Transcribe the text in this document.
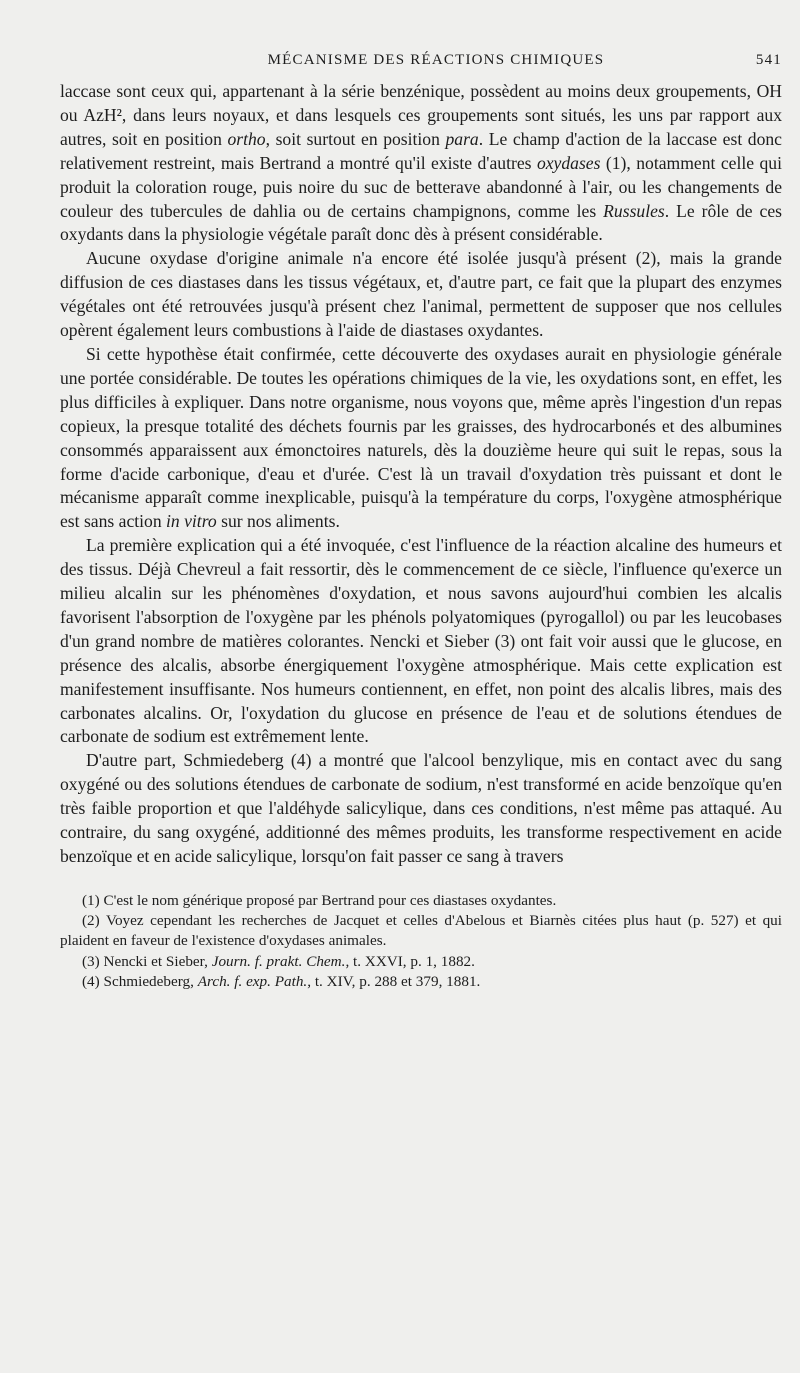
MÉCANISME DES RÉACTIONS CHIMIQUES	541

laccase sont ceux qui, appartenant à la série benzénique, possèdent au moins deux groupements, OH ou AzH², dans leurs noyaux, et dans lesquels ces groupements sont situés, les uns par rapport aux autres, soit en position ortho, soit surtout en position para. Le champ d'action de la laccase est donc relativement restreint, mais Bertrand a montré qu'il existe d'autres oxydases (1), notamment celle qui produit la coloration rouge, puis noire du suc de betterave abandonné à l'air, ou les changements de couleur des tubercules de dahlia ou de certains champignons, comme les Russules. Le rôle de ces oxydants dans la physiologie végétale paraît donc dès à présent considérable.

Aucune oxydase d'origine animale n'a encore été isolée jusqu'à présent (2), mais la grande diffusion de ces diastases dans les tissus végétaux, et, d'autre part, ce fait que la plupart des enzymes végétales ont été retrouvées jusqu'à présent chez l'animal, permettent de supposer que nos cellules opèrent également leurs combustions à l'aide de diastases oxydantes.

Si cette hypothèse était confirmée, cette découverte des oxydases aurait en physiologie générale une portée considérable. De toutes les opérations chimiques de la vie, les oxydations sont, en effet, les plus difficiles à expliquer. Dans notre organisme, nous voyons que, même après l'ingestion d'un repas copieux, la presque totalité des déchets fournis par les graisses, des hydrocarbonés et des albumines consommés apparaissent aux émonctoires naturels, dès la douzième heure qui suit le repas, sous la forme d'acide carbonique, d'eau et d'urée. C'est là un travail d'oxydation très puissant et dont le mécanisme apparaît comme inexplicable, puisqu'à la température du corps, l'oxygène atmosphérique est sans action in vitro sur nos aliments.

La première explication qui a été invoquée, c'est l'influence de la réaction alcaline des humeurs et des tissus. Déjà Chevreul a fait ressortir, dès le commencement de ce siècle, l'influence qu'exerce un milieu alcalin sur les phénomènes d'oxydation, et nous savons aujourd'hui combien les alcalis favorisent l'absorption de l'oxygène par les phénols polyatomiques (pyrogallol) ou par les leucobases d'un grand nombre de matières colorantes. Nencki et Sieber (3) ont fait voir aussi que le glucose, en présence des alcalis, absorbe énergiquement l'oxygène atmosphérique. Mais cette explication est manifestement insuffisante. Nos humeurs contiennent, en effet, non point des alcalis libres, mais des carbonates alcalins. Or, l'oxydation du glucose en présence de l'eau et de solutions étendues de carbonate de sodium est extrêmement lente.

D'autre part, Schmiedeberg (4) a montré que l'alcool benzylique, mis en contact avec du sang oxygéné ou des solutions étendues de carbonate de sodium, n'est transformé en acide benzoïque qu'en très faible proportion et que l'aldéhyde salicylique, dans ces conditions, n'est même pas attaqué. Au contraire, du sang oxygéné, additionné des mêmes produits, les transforme respectivement en acide benzoïque et en acide salicylique, lorsqu'on fait passer ce sang à travers

(1) C'est le nom générique proposé par Bertrand pour ces diastases oxydantes.

(2) Voyez cependant les recherches de Jacquet et celles d'Abelous et Biarnès citées plus haut (p. 527) et qui plaident en faveur de l'existence d'oxydases animales.

(3) Nencki et Sieber, Journ. f. prakt. Chem., t. XXVI, p. 1, 1882.

(4) Schmiedeberg, Arch. f. exp. Path., t. XIV, p. 288 et 379, 1881.
